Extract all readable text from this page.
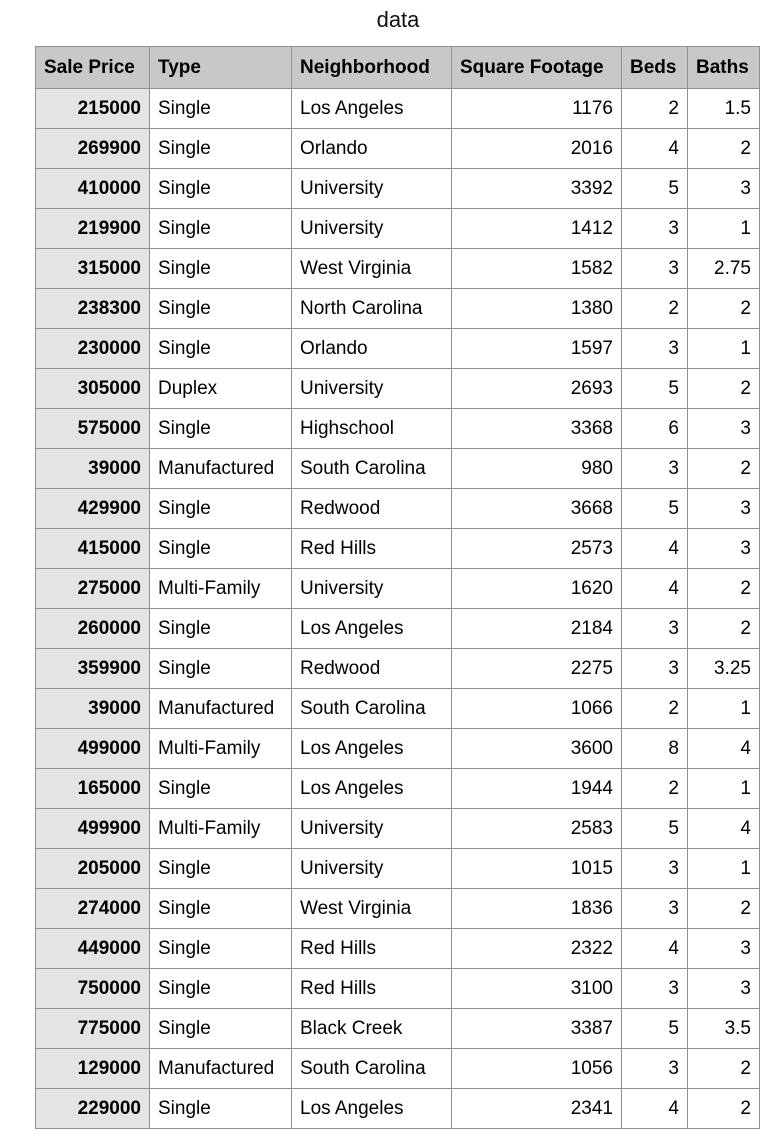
data
Sale Price	Type	Neighborhood	Square Footage	Beds	Baths
215000	Single	Los Angeles	1176	2	1.5
269900	Single	Orlando	2016	4	2
410000	Single	University	3392	5	3
219900	Single	University	1412	3	1
315000	Single	West Virginia	1582	3	2.75
238300	Single	North Carolina	1380	2	2
230000	Single	Orlando	1597	3	1
305000	Duplex	University	2693	5	2
575000	Single	Highschool	3368	6	3
39000	Manufactured	South Carolina	980	3	2
429900	Single	Redwood	3668	5	3
415000	Single	Red Hills	2573	4	3
275000	Multi-Family	University	1620	4	2
260000	Single	Los Angeles	2184	3	2
359900	Single	Redwood	2275	3	3.25
39000	Manufactured	South Carolina	1066	2	1
499000	Multi-Family	Los Angeles	3600	8	4
165000	Single	Los Angeles	1944	2	1
499900	Multi-Family	University	2583	5	4
205000	Single	University	1015	3	1
274000	Single	West Virginia	1836	3	2
449000	Single	Red Hills	2322	4	3
750000	Single	Red Hills	3100	3	3
775000	Single	Black Creek	3387	5	3.5
129000	Manufactured	South Carolina	1056	3	2
229000	Single	Los Angeles	2341	4	2
